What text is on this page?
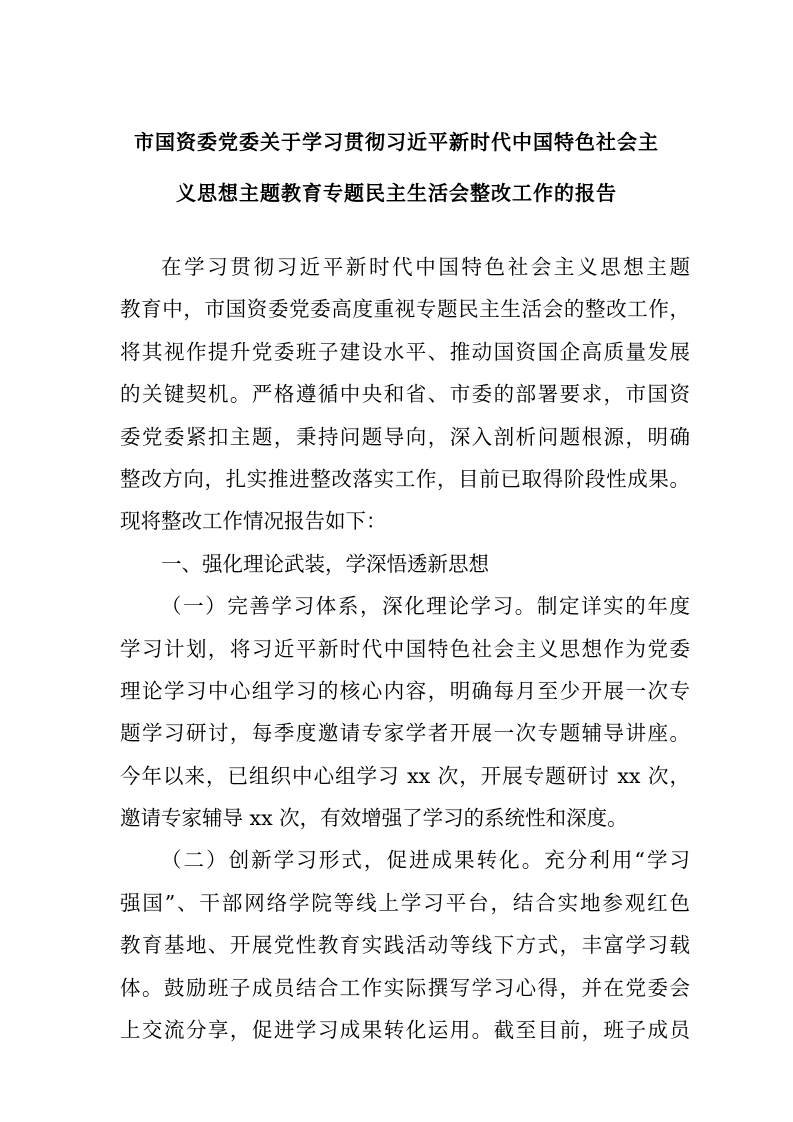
市国资委党委关于学习贯彻习近平新时代中国特色社会主
义思想主题教育专题民主生活会整改工作的报告
在学习贯彻习近平新时代中国特色社会主义思想主题
教育中，市国资委党委高度重视专题民主生活会的整改工作，
将其视作提升党委班子建设水平、推动国资国企高质量发展
的关键契机。严格遵循中央和省、市委的部署要求，市国资
委党委紧扣主题，秉持问题导向，深入剖析问题根源，明确
整改方向，扎实推进整改落实工作，目前已取得阶段性成果。
现将整改工作情况报告如下：
一、强化理论武装，学深悟透新思想
（一）完善学习体系，深化理论学习。制定详实的年度
学习计划，将习近平新时代中国特色社会主义思想作为党委
理论学习中心组学习的核心内容，明确每月至少开展一次专
题学习研讨，每季度邀请专家学者开展一次专题辅导讲座。
今年以来，已组织中心组学习 xx 次，开展专题研讨 xx 次，
邀请专家辅导 xx 次，有效增强了学习的系统性和深度。
（二）创新学习形式，促进成果转化。充分利用“学习
强国”、干部网络学院等线上学习平台，结合实地参观红色
教育基地、开展党性教育实践活动等线下方式，丰富学习载
体。鼓励班子成员结合工作实际撰写学习心得，并在党委会
上交流分享，促进学习成果转化运用。截至目前，班子成员
